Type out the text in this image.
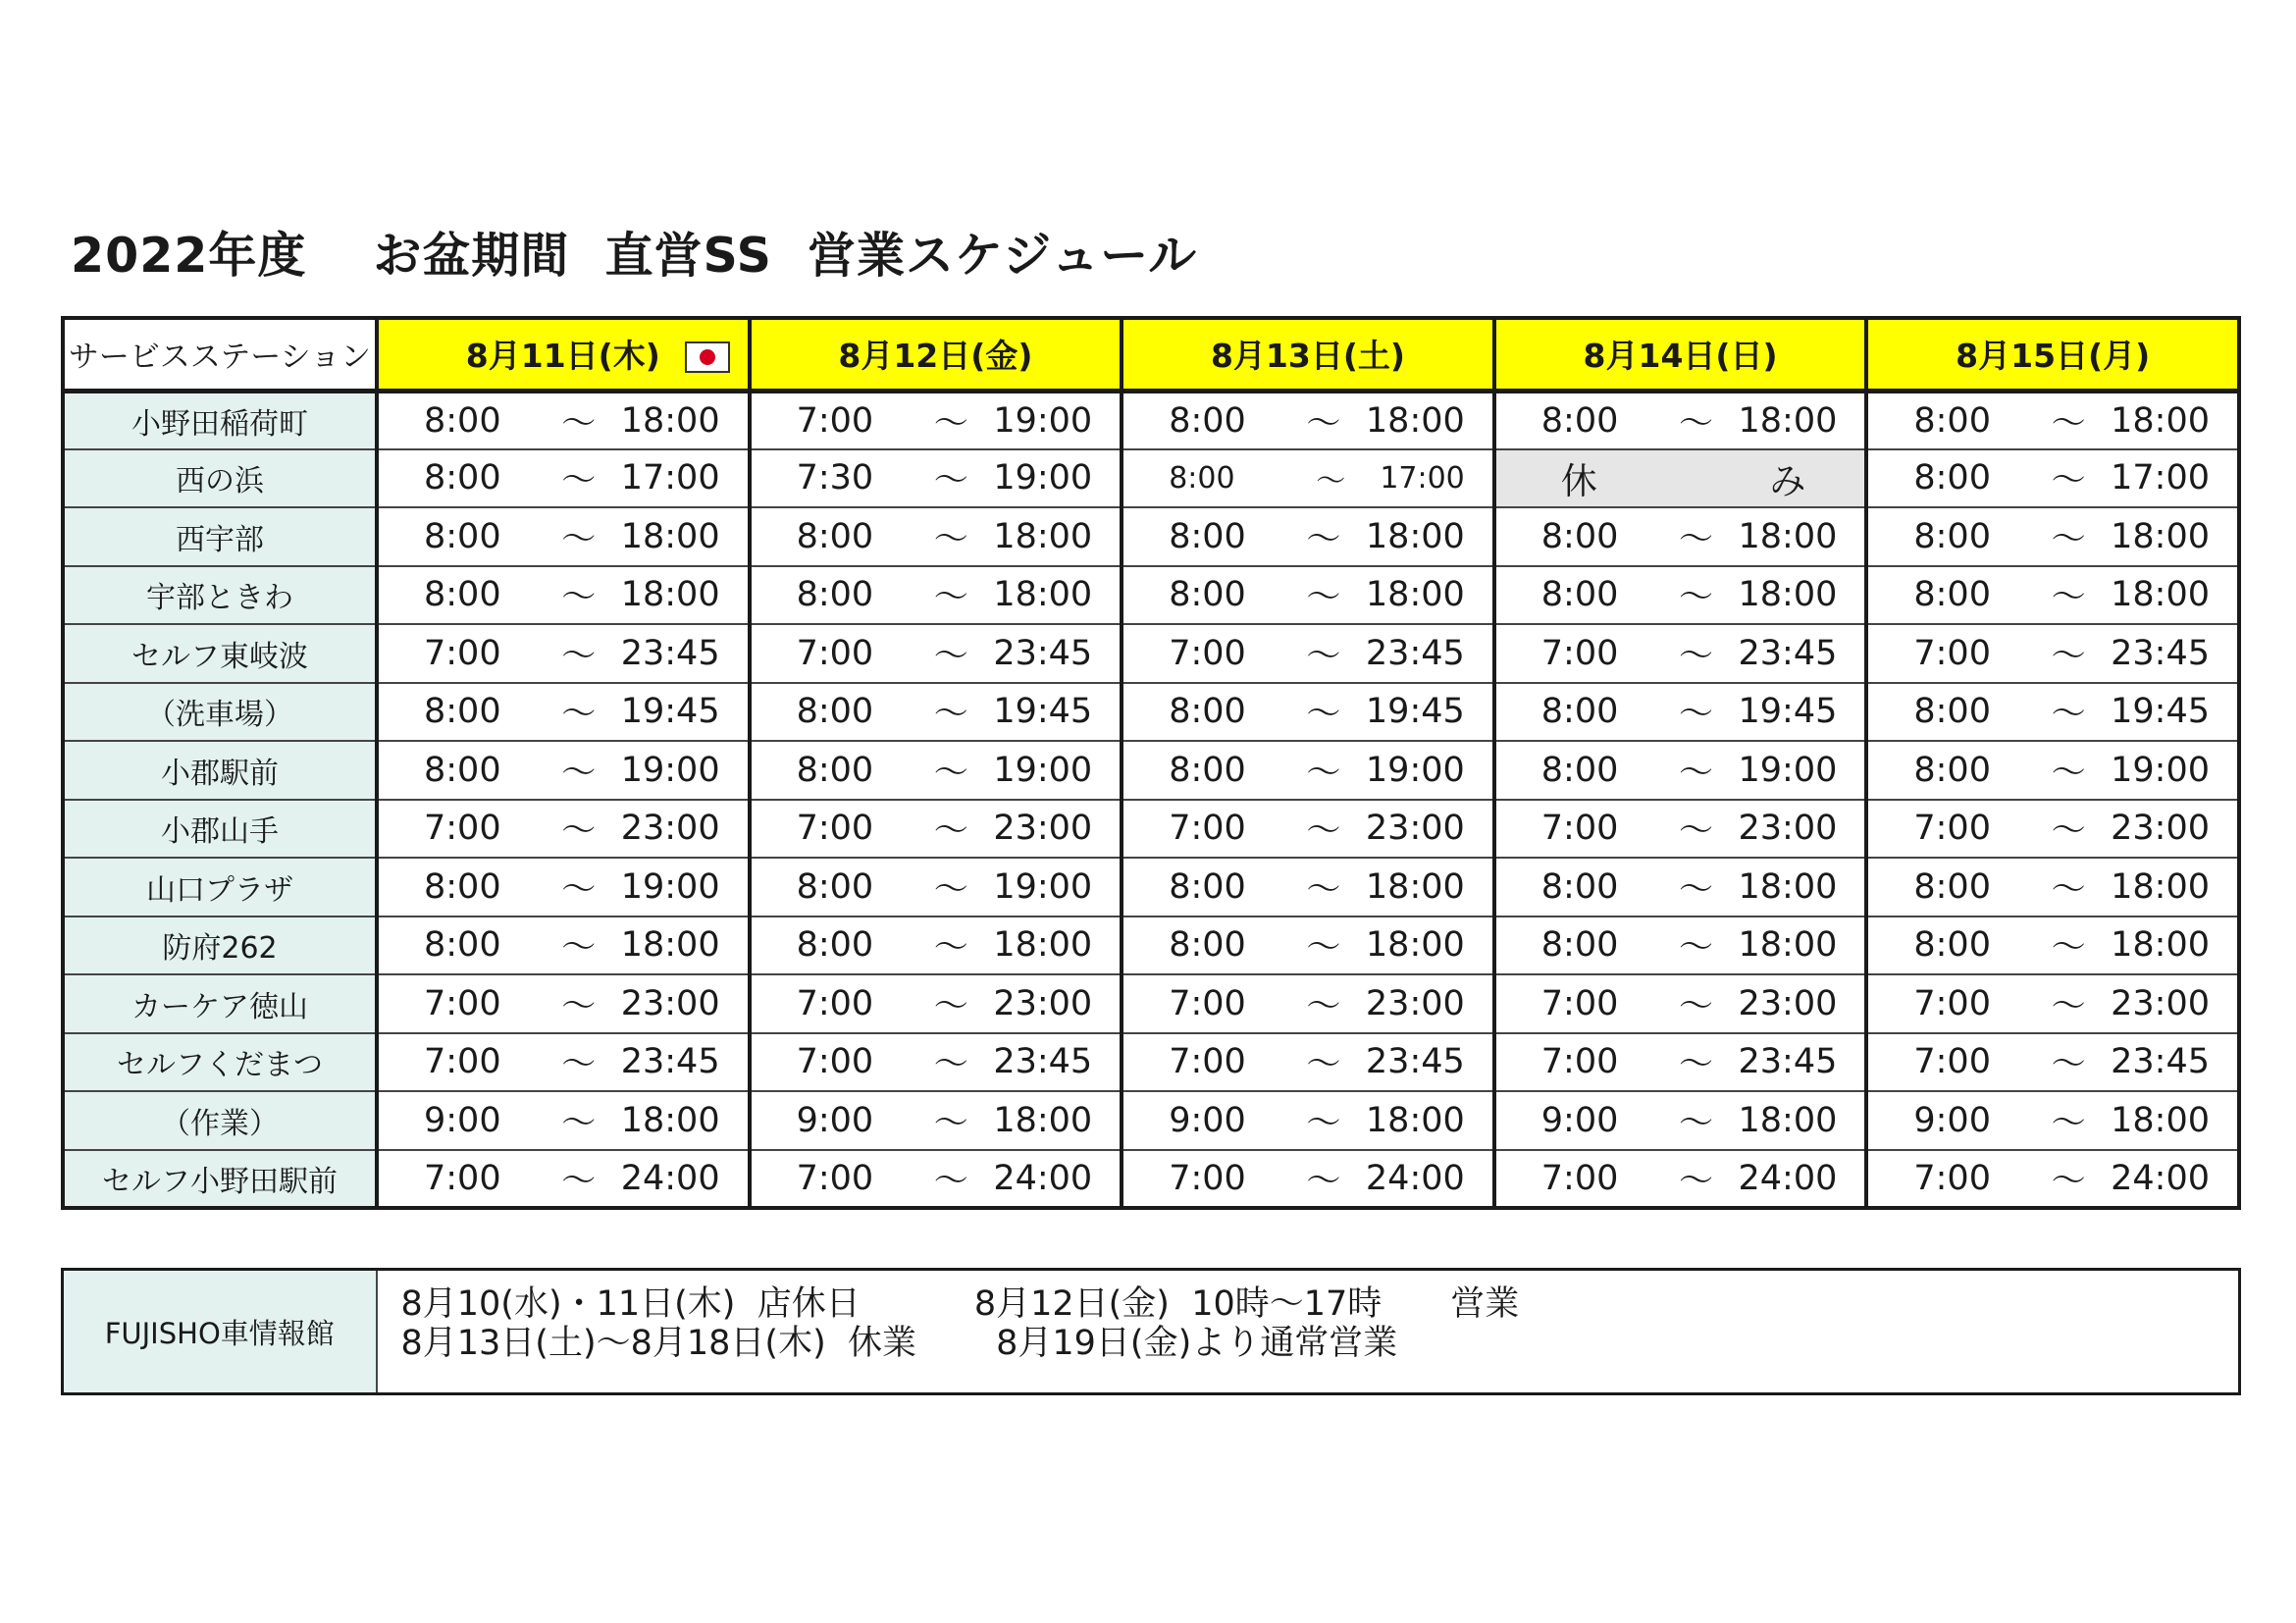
2022年度　 お盆期間  直営SS  営業スケジュール
サービスステーション	8月11日(木)	8月12日(金)	8月13日(土)	8月14日(日)	8月15日(月)
小野田稲荷町	8:00 ～ 18:00	7:00 ～ 19:00	8:00 ～ 18:00	8:00 ～ 18:00	8:00 ～ 18:00

西の浜	8:00 ～ 17:00	7:30 ～ 19:00	8:00 ～ 17:00	休 み	8:00 ～ 17:00

西宇部	8:00 ～ 18:00	8:00 ～ 18:00	8:00 ～ 18:00	8:00 ～ 18:00	8:00 ～ 18:00

宇部ときわ	8:00 ～ 18:00	8:00 ～ 18:00	8:00 ～ 18:00	8:00 ～ 18:00	8:00 ～ 18:00

セルフ東岐波	7:00 ～ 23:45	7:00 ～ 23:45	7:00 ～ 23:45	7:00 ～ 23:45	7:00 ～ 23:45

（洗車場）	8:00 ～ 19:45	8:00 ～ 19:45	8:00 ～ 19:45	8:00 ～ 19:45	8:00 ～ 19:45

小郡駅前	8:00 ～ 19:00	8:00 ～ 19:00	8:00 ～ 19:00	8:00 ～ 19:00	8:00 ～ 19:00

小郡山手	7:00 ～ 23:00	7:00 ～ 23:00	7:00 ～ 23:00	7:00 ～ 23:00	7:00 ～ 23:00

山口プラザ	8:00 ～ 19:00	8:00 ～ 19:00	8:00 ～ 18:00	8:00 ～ 18:00	8:00 ～ 18:00

防府262	8:00 ～ 18:00	8:00 ～ 18:00	8:00 ～ 18:00	8:00 ～ 18:00	8:00 ～ 18:00

カーケア徳山	7:00 ～ 23:00	7:00 ～ 23:00	7:00 ～ 23:00	7:00 ～ 23:00	7:00 ～ 23:00

セルフくだまつ	7:00 ～ 23:45	7:00 ～ 23:45	7:00 ～ 23:45	7:00 ～ 23:45	7:00 ～ 23:45

（作業）	9:00 ～ 18:00	9:00 ～ 18:00	9:00 ～ 18:00	9:00 ～ 18:00	9:00 ～ 18:00

セルフ小野田駅前	7:00 ～ 24:00	7:00 ～ 24:00	7:00 ～ 24:00	7:00 ～ 24:00	7:00 ～ 24:00
FUJISHO車情報館	
8月10(水)・11日(木)  店休日　　　 8月12日(金)  10時～17時　　営業
8月13日(土)～8月18日(木)  休業　　 8月19日(金)より通常営業
